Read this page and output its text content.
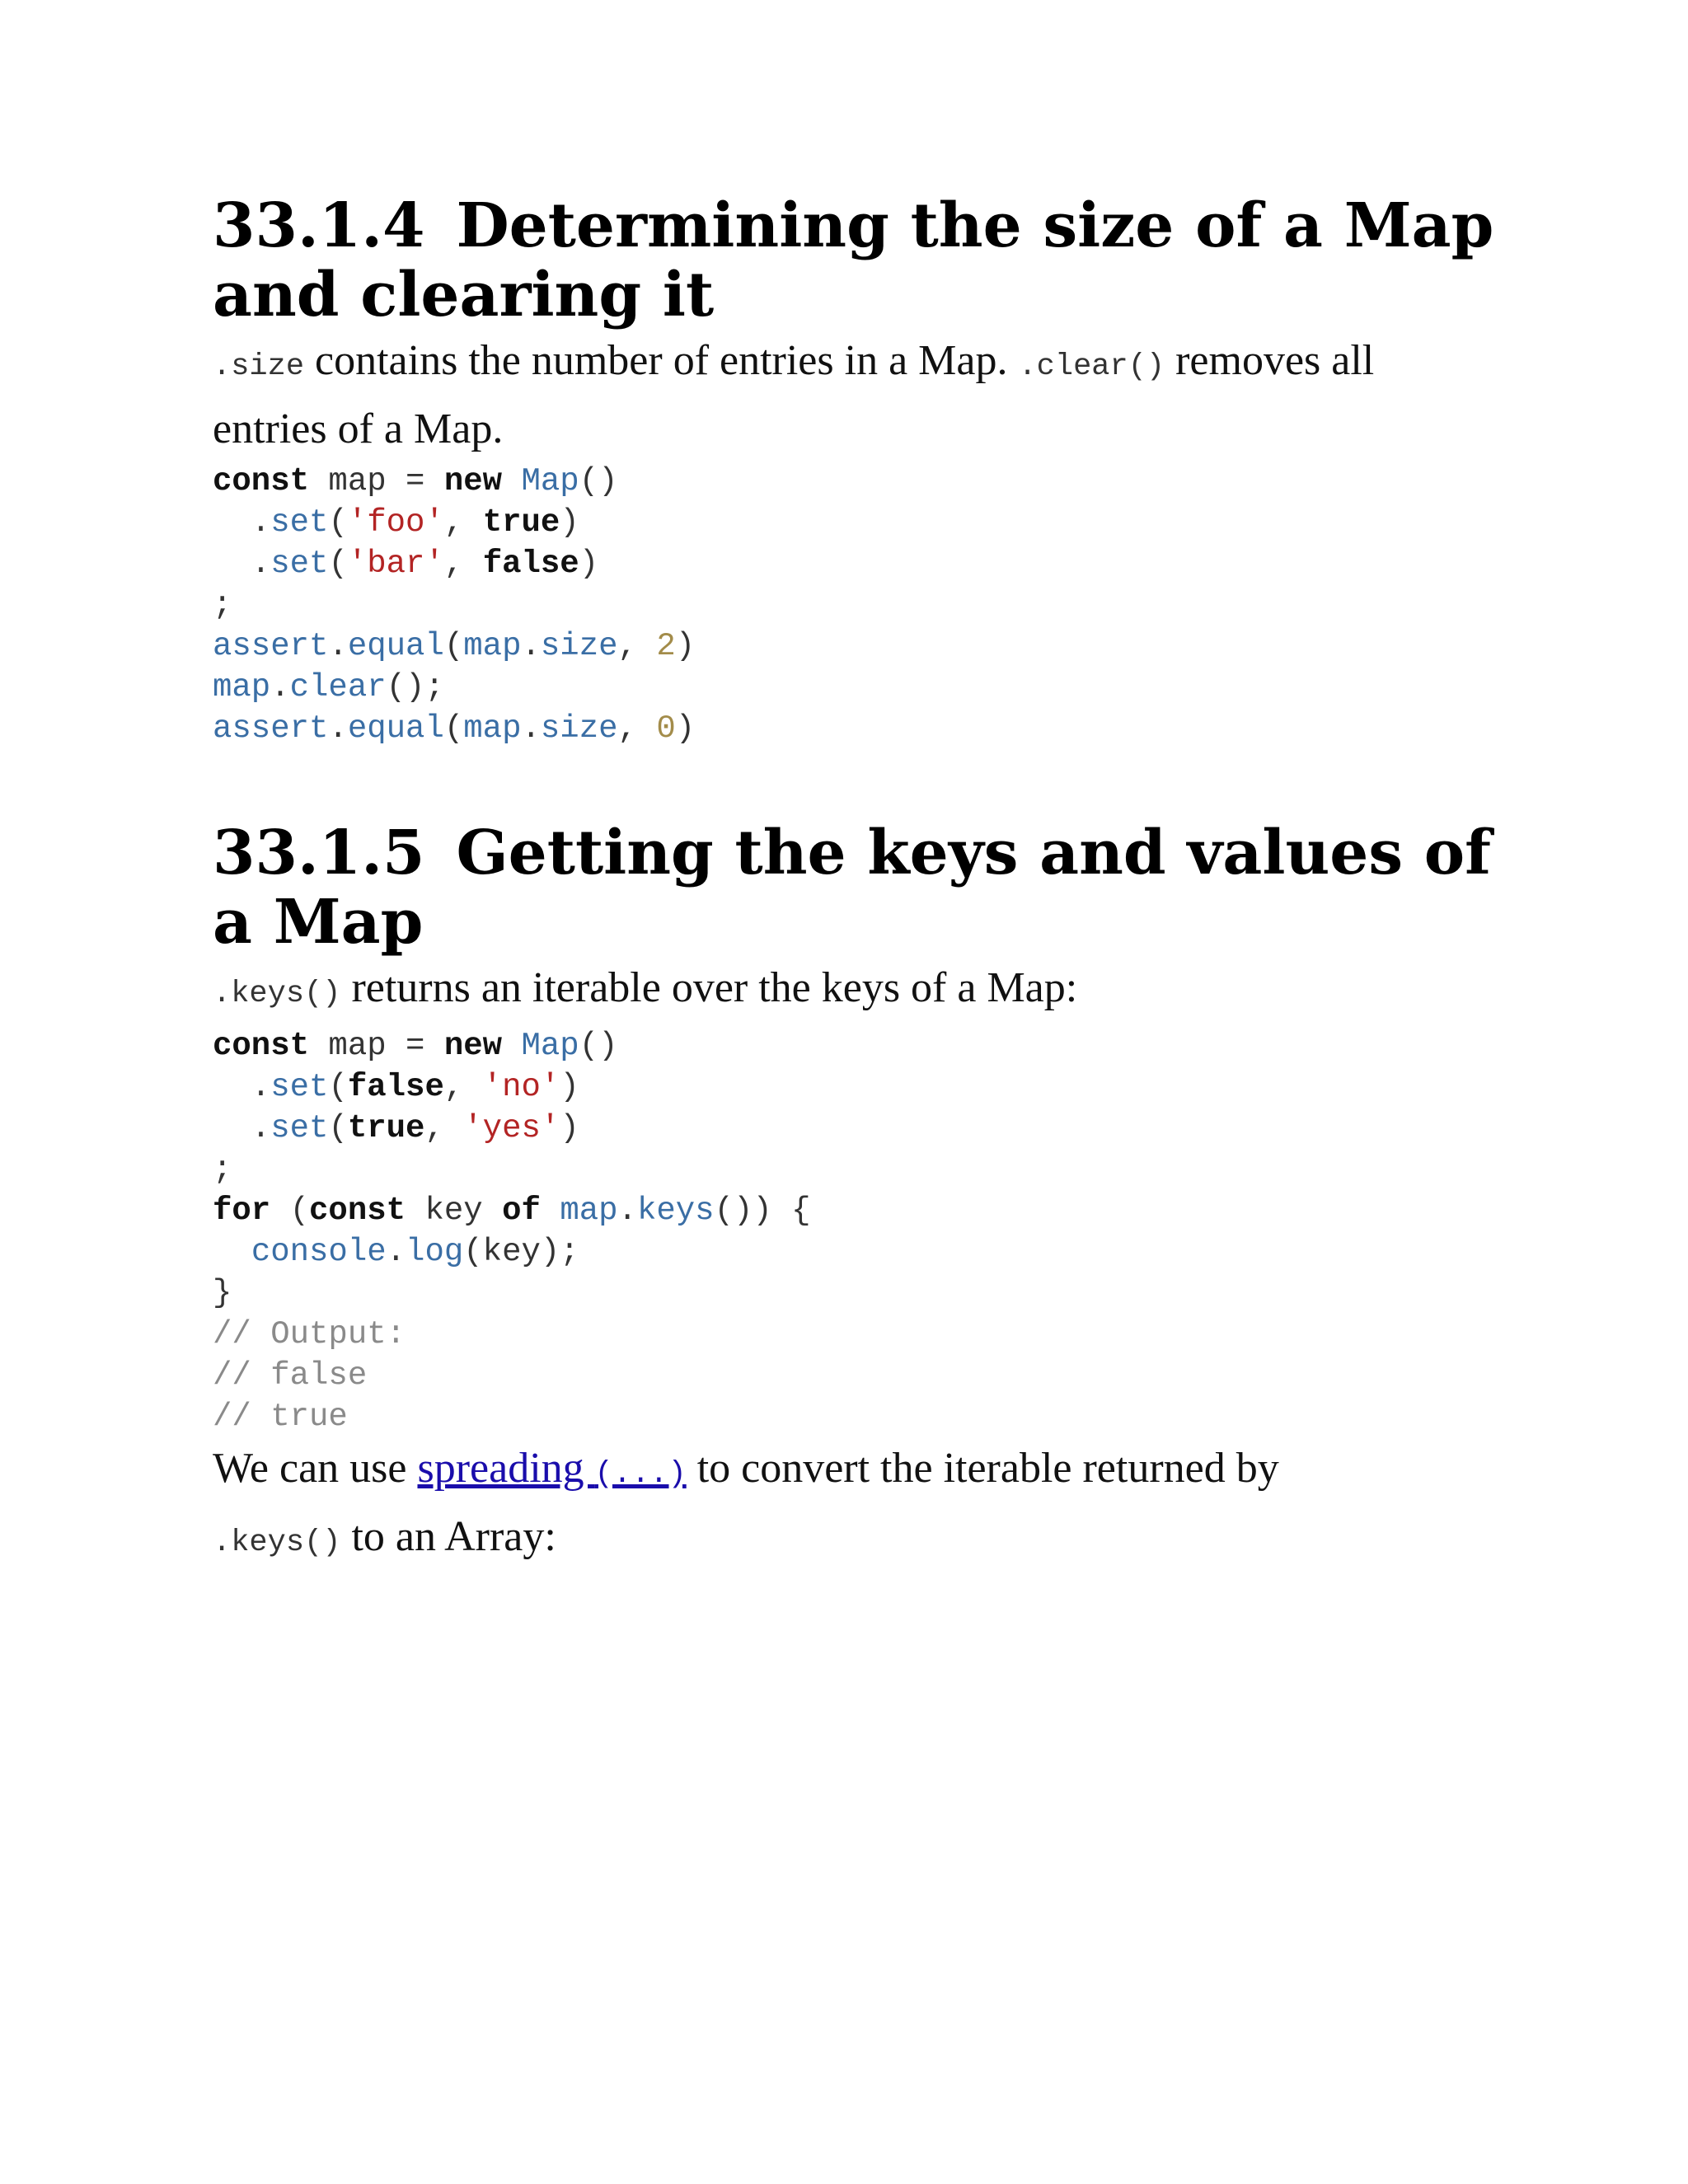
33.1.4 Determining the size of a Map and clearing it

.size contains the number of entries in a Map. .clear() removes all entries of a Map.

const map = new Map()
.set('foo', true)
.set('bar', false)
;
assert.equal(map.size, 2)
map.clear();
assert.equal(map.size, 0)
33.1.5 Getting the keys and values of a Map

.keys() returns an iterable over the keys of a Map:

const map = new Map()
.set(false, 'no')
.set(true, 'yes')
;
for (const key of map.keys()) {
console.log(key);
}
// Output:
// false
// true

We can use spreading (...) to convert the iterable returned by
.keys() to an Array:
